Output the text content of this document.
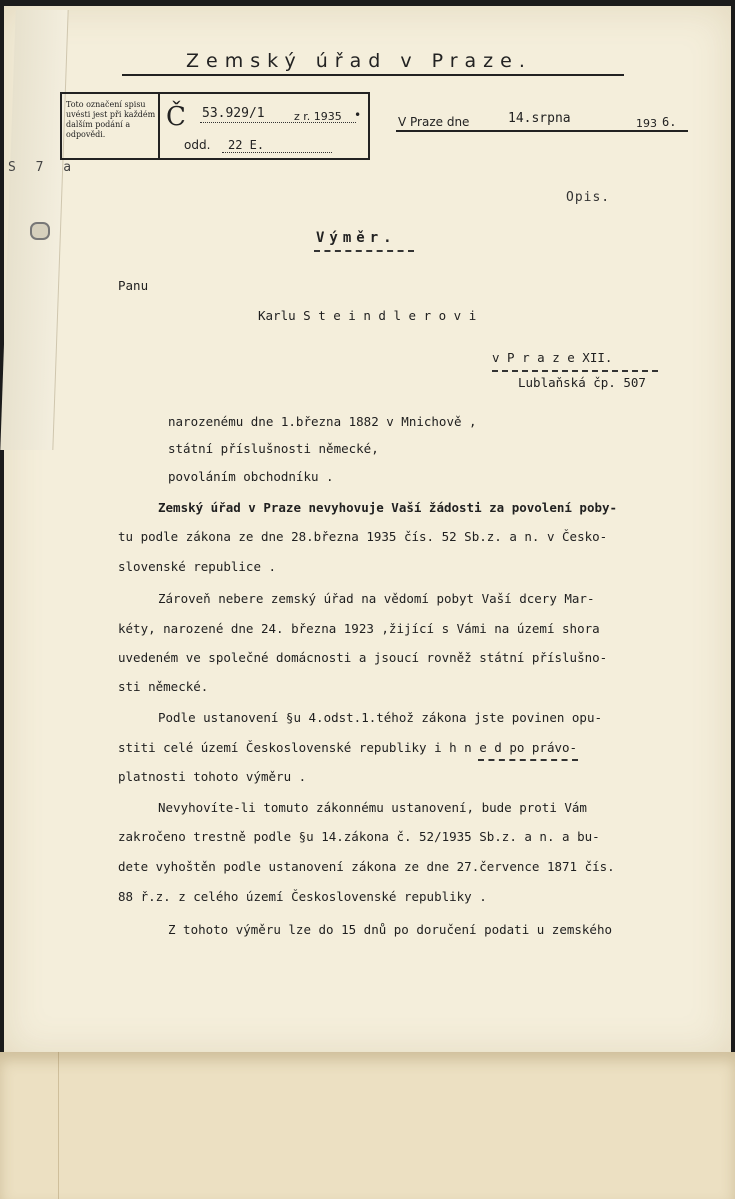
S 7 a
Zemský úřad v Praze.
Toto označení spisu uvésti jest při každém dalším podání a odpovědi.
Č 53.929/1	z r. 1935 •
odd. 22 E.
V Praze dne	14.srpna	193 6.
Opis.
Výměr.
Panu
Karlu S t e i n d l e r o v i
v P r a z e XII.
Lublaňská čp. 507
narozenému dne 1.března 1882 v Mnichově ,
státní příslušnosti německé,
povoláním obchodníku .
Zemský úřad v Praze nevyhovuje Vaší žádosti za povolení poby-
tu podle zákona ze dne 28.března 1935 čís. 52 Sb.z. a n. v Česko-
slovenské republice .
Zároveň nebere zemský úřad na vědomí pobyt Vaší dcery Mar-
kéty, narozené dne 24. března 1923 ,žijící s Vámi na území shora
uvedeném ve společné domácnosti a jsoucí rovněž státní příslušno-
sti německé.
Podle ustanovení §u 4.odst.1.téhož zákona jste povinen opu-
stiti celé území Československé republiky i h n e d po právo-
platnosti tohoto výměru .
Nevyhovíte-li tomuto zákonnému ustanovení, bude proti Vám
zakročeno trestně podle §u 14.zákona č. 52/1935 Sb.z. a n. a bu-
dete vyhoštěn podle ustanovení zákona ze dne 27.července 1871 čís.
88 ř.z. z celého území Československé republiky .
Z tohoto výměru lze do 15 dnů po doručení podati u zemského
